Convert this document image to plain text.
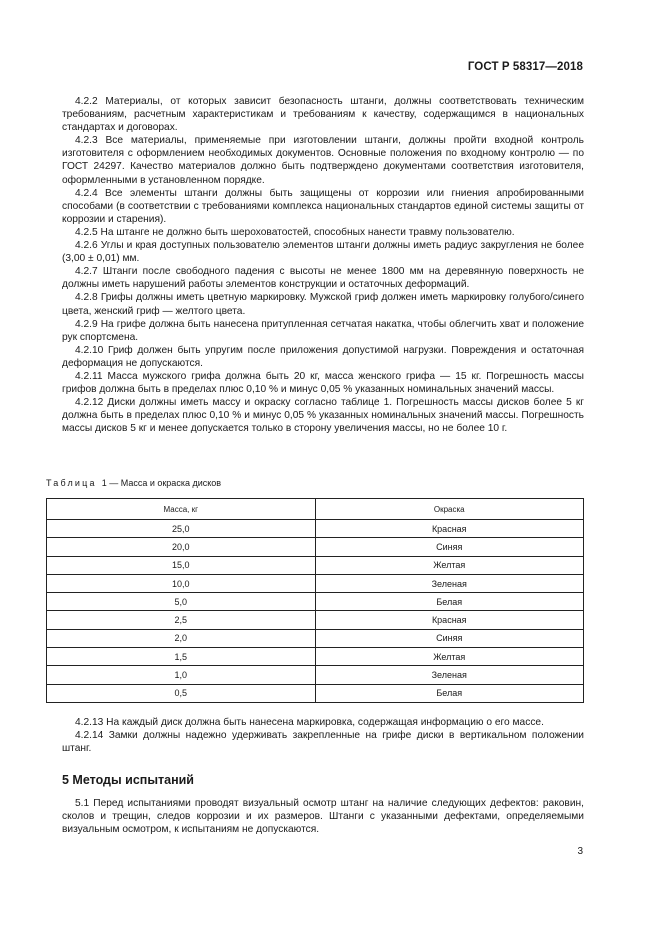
ГОСТ Р 58317—2018

4.2.2 Материалы, от которых зависит безопасность штанги, должны соответствовать техническим требованиям, расчетным характеристикам и требованиям к качеству, содержащимся в национальных стандартах и договорах.

4.2.3 Все материалы, применяемые при изготовлении штанги, должны пройти входной контроль изготовителя с оформлением необходимых документов. Основные положения по входному контролю — по ГОСТ 24297. Качество материалов должно быть подтверждено документами соответствия изготовителя, оформленными в установленном порядке.

4.2.4 Все элементы штанги должны быть защищены от коррозии или гниения апробированными способами (в соответствии с требованиями комплекса национальных стандартов единой системы защиты от коррозии и старения).

4.2.5 На штанге не должно быть шероховатостей, способных нанести травму пользователю.

4.2.6 Углы и края доступных пользователю элементов штанги должны иметь радиус закругления не более (3,00 ± 0,01) мм.

4.2.7 Штанги после свободного падения с высоты не менее 1800 мм на деревянную поверхность не должны иметь нарушений работы элементов конструкции и остаточных деформаций.

4.2.8 Грифы должны иметь цветную маркировку. Мужской гриф должен иметь маркировку голубого/синего цвета, женский гриф — желтого цвета.

4.2.9 На грифе должна быть нанесена притупленная сетчатая накатка, чтобы облегчить хват и положение рук спортсмена.

4.2.10 Гриф должен быть упругим после приложения допустимой нагрузки. Повреждения и остаточная деформация не допускаются.

4.2.11 Масса мужского грифа должна быть 20 кг, масса женского грифа — 15 кг. Погрешность массы грифов должна быть в пределах плюс 0,10 % и минус 0,05 % указанных номинальных значений массы.

4.2.12 Диски должны иметь массу и окраску согласно таблице 1. Погрешность массы дисков более 5 кг должна быть в пределах плюс 0,10 % и минус 0,05 % указанных номинальных значений массы. Погрешность массы дисков 5 кг и менее допускается только в сторону увеличения массы, но не более 10 г.

Таблица 1 — Масса и окраска дисков
Масса, кг	Окраска
25,0	Красная
20,0	Синяя
15,0	Желтая
10,0	Зеленая
5,0	Белая
2,5	Красная
2,0	Синяя
1,5	Желтая
1,0	Зеленая
0,5	Белая

4.2.13 На каждый диск должна быть нанесена маркировка, содержащая информацию о его массе.

4.2.14 Замки должны надежно удерживать закрепленные на грифе диски в вертикальном положении штанг.

5 Методы испытаний

5.1 Перед испытаниями проводят визуальный осмотр штанг на наличие следующих дефектов: раковин, сколов и трещин, следов коррозии и их размеров. Штанги с указанными дефектами, определяемыми визуальным осмотром, к испытаниям не допускаются.

3
